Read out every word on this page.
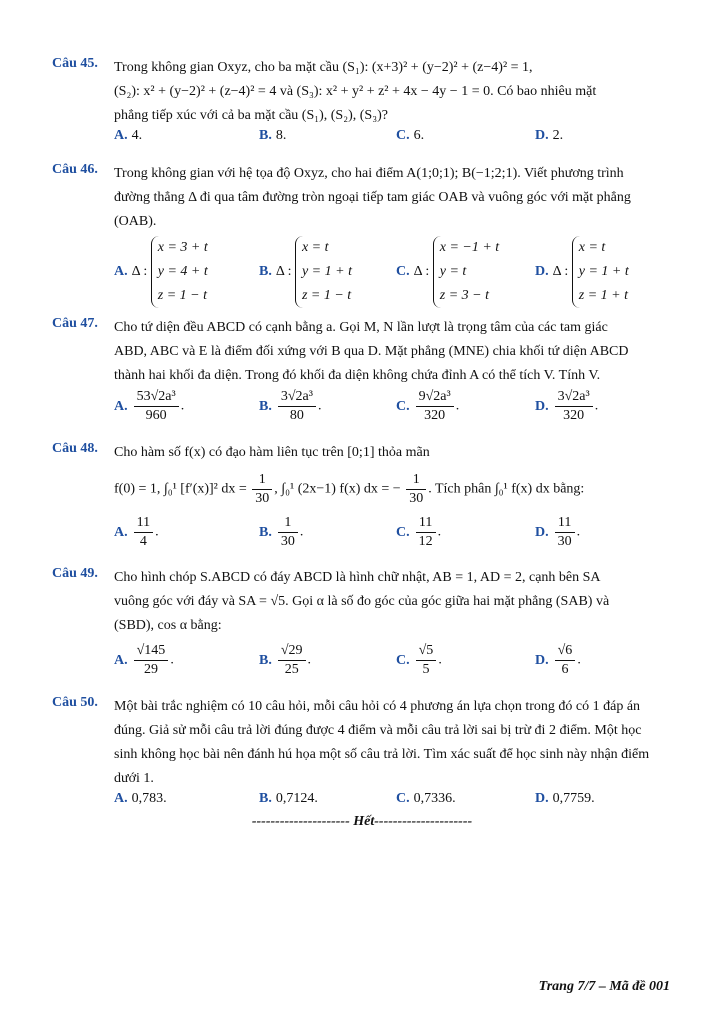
Câu 45. Trong không gian Oxyz, cho ba mặt cầu (S₁): (x+3)² + (y−2)² + (z−4)² = 1,

(S₂): x² + (y−2)² + (z−4)² = 4 và (S₃): x² + y² + z² + 4x − 4y − 1 = 0. Có bao nhiêu mặt

phẳng tiếp xúc với cả ba mặt cầu (S₁), (S₂), (S₃)?

A. 4.	B. 8.	C. 6.	D. 2.
Câu 46. Trong không gian với hệ tọa độ Oxyz, cho hai điểm A(1;0;1); B(−1;2;1). Viết phương trình

đường thẳng Δ đi qua tâm đường tròn ngoại tiếp tam giác OAB và vuông góc với mặt phẳng

(OAB).

A. Δ : x = 3 + t
y = 4 + t
z = 1 − t
B. Δ : x = t
y = 1 + t
z = 1 − t
C. Δ : x = −1 + t
y = t
z = 3 − t
D. Δ : x = t
y = 1 + t
z = 1 + t
Câu 47. Cho tứ diện đều ABCD có cạnh bằng a. Gọi M, N lần lượt là trọng tâm của các tam giác

ABD, ABC và E là điểm đối xứng với B qua D. Mặt phẳng (MNE) chia khối tứ diện ABCD

thành hai khối đa diện. Trong đó khối đa diện không chứa đỉnh A có thể tích V. Tính V.

A. $\frac{\text{53√2a³}}{960}$ .	B. $\frac{\text{3√2a³}}{80}$ .	C. $\frac{\text{9√2a³}}{320}$ .	D. $\frac{\text{3√2a³}}{320}$ .
Câu 48. Cho hàm số f(x) có đạo hàm liên tục trên [0;1] thỏa mãn

f(0) = 1, ∫₀¹ [f′(x)]² dx = $\frac{1}{30}$ , ∫₀¹ (2x−1) f(x) dx = − $\frac{1}{30}$ . Tích phân ∫₀¹ f(x) dx bằng:

A. $\frac{11}{4}$ .	B. $\frac{1}{30}$ .	C. $\frac{11}{12}$ .	D. $\frac{11}{30}$ .
Câu 49. Cho hình chóp S.ABCD có đáy ABCD là hình chữ nhật, AB = 1, AD = 2, cạnh bên SA

vuông góc với đáy và SA = √5. Gọi α là số đo góc của góc giữa hai mặt phẳng (SAB) và

(SBD), cos α bằng:

A. $\frac{√145}{29}$ .	B. $\frac{√29}{25}$ .	C. $\frac{√5}{5}$ .	D. $\frac{√6}{6}$ .
Câu 50. Một bài trắc nghiệm có 10 câu hỏi, mỗi câu hỏi có 4 phương án lựa chọn trong đó có 1 đáp án

đúng. Giả sử mỗi câu trả lời đúng được 4 điểm và mỗi câu trả lời sai bị trừ đi 2 điểm. Một học

sinh không học bài nên đánh hú họa một số câu trả lời. Tìm xác suất để học sinh này nhận điểm

dưới 1.

A. 0,783.	B. 0,7124.	C. 0,7336.	D. 0,7759.
--------------------- Hết---------------------
Trang 7/7 – Mã đề 001
